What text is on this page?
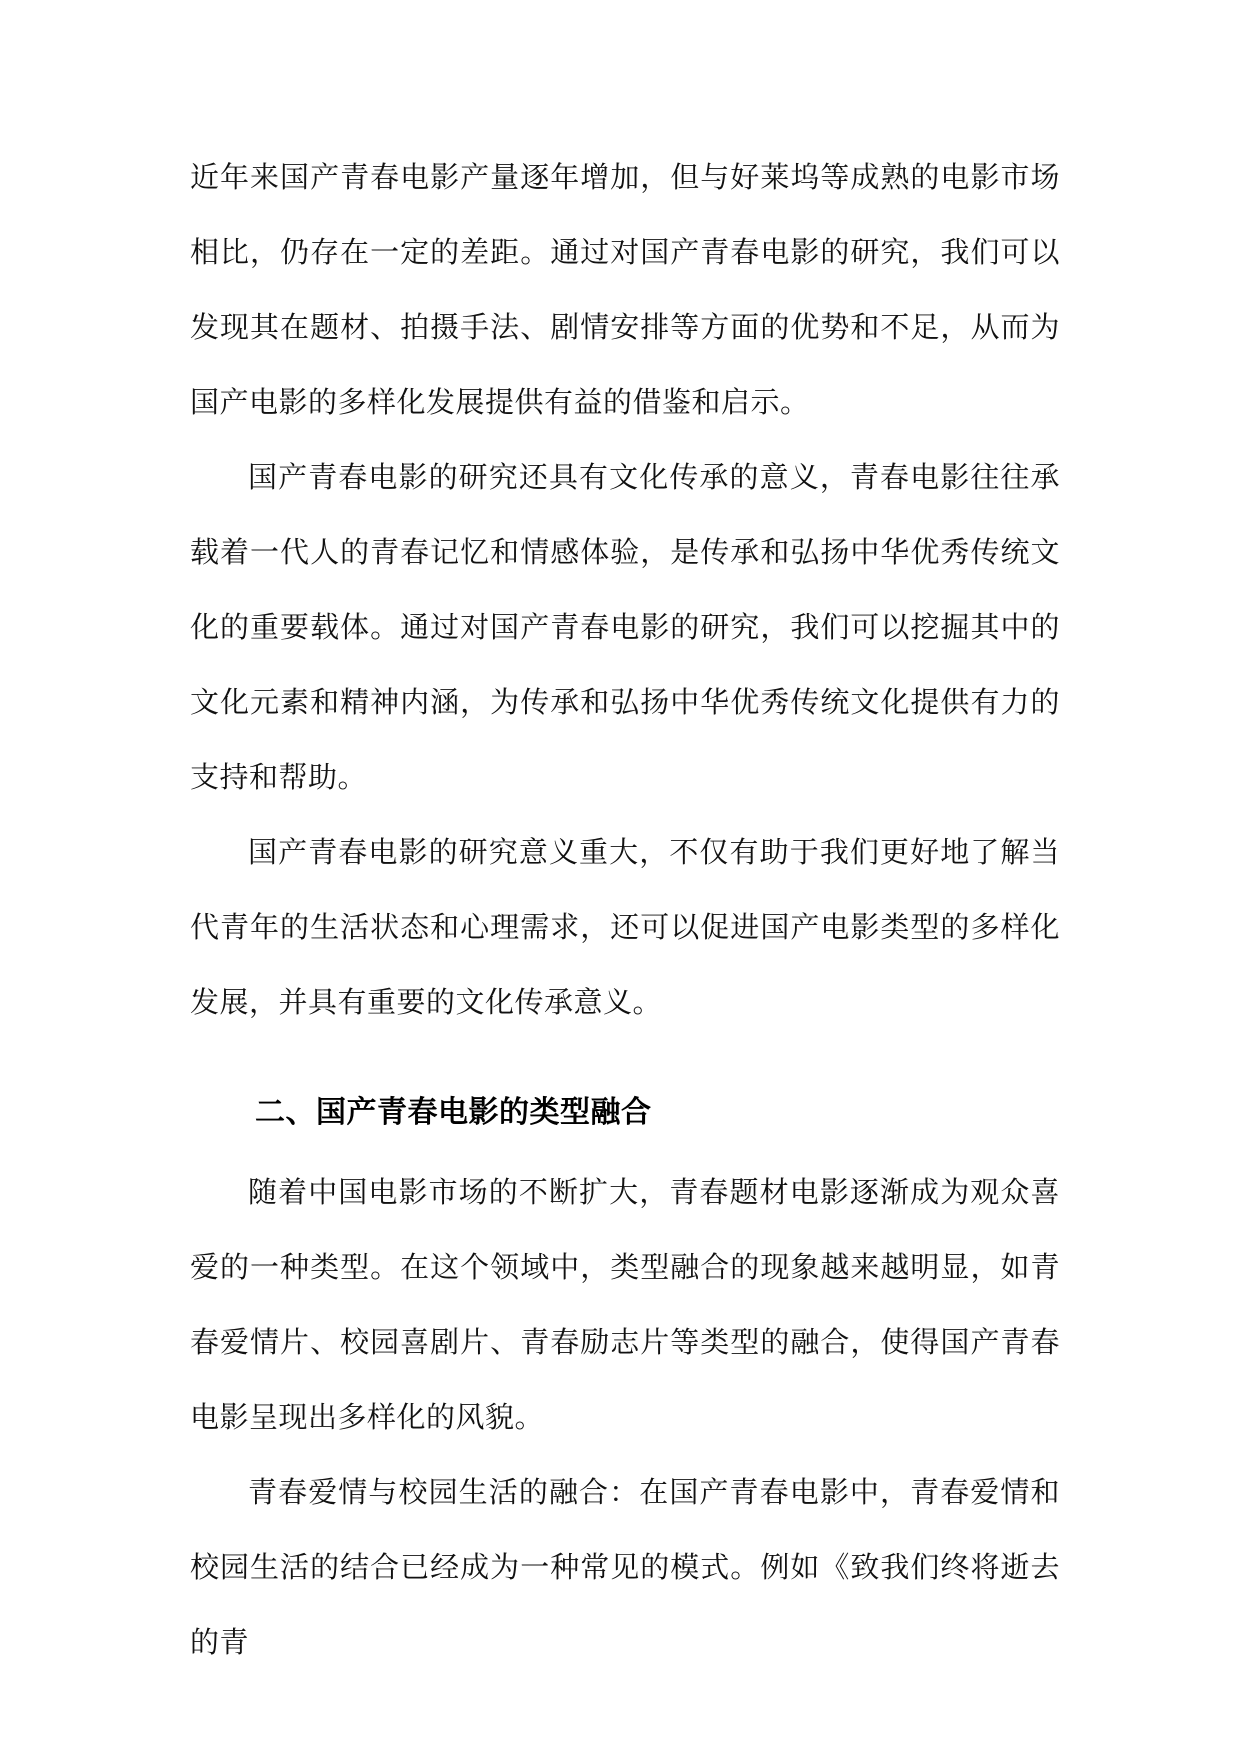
近年来国产青春电影产量逐年增加，但与好莱坞等成熟的电影市场相比，仍存在一定的差距。通过对国产青春电影的研究，我们可以发现其在题材、拍摄手法、剧情安排等方面的优势和不足，从而为国产电影的多样化发展提供有益的借鉴和启示。

国产青春电影的研究还具有文化传承的意义，青春电影往往承载着一代人的青春记忆和情感体验，是传承和弘扬中华优秀传统文化的重要载体。通过对国产青春电影的研究，我们可以挖掘其中的文化元素和精神内涵，为传承和弘扬中华优秀传统文化提供有力的支持和帮助。

国产青春电影的研究意义重大，不仅有助于我们更好地了解当代青年的生活状态和心理需求，还可以促进国产电影类型的多样化发展，并具有重要的文化传承意义。

二、国产青春电影的类型融合

随着中国电影市场的不断扩大，青春题材电影逐渐成为观众喜爱的一种类型。在这个领域中，类型融合的现象越来越明显，如青春爱情片、校园喜剧片、青春励志片等类型的融合，使得国产青春电影呈现出多样化的风貌。

青春爱情与校园生活的融合：在国产青春电影中，青春爱情和校园生活的结合已经成为一种常见的模式。例如《致我们终将逝去的青
